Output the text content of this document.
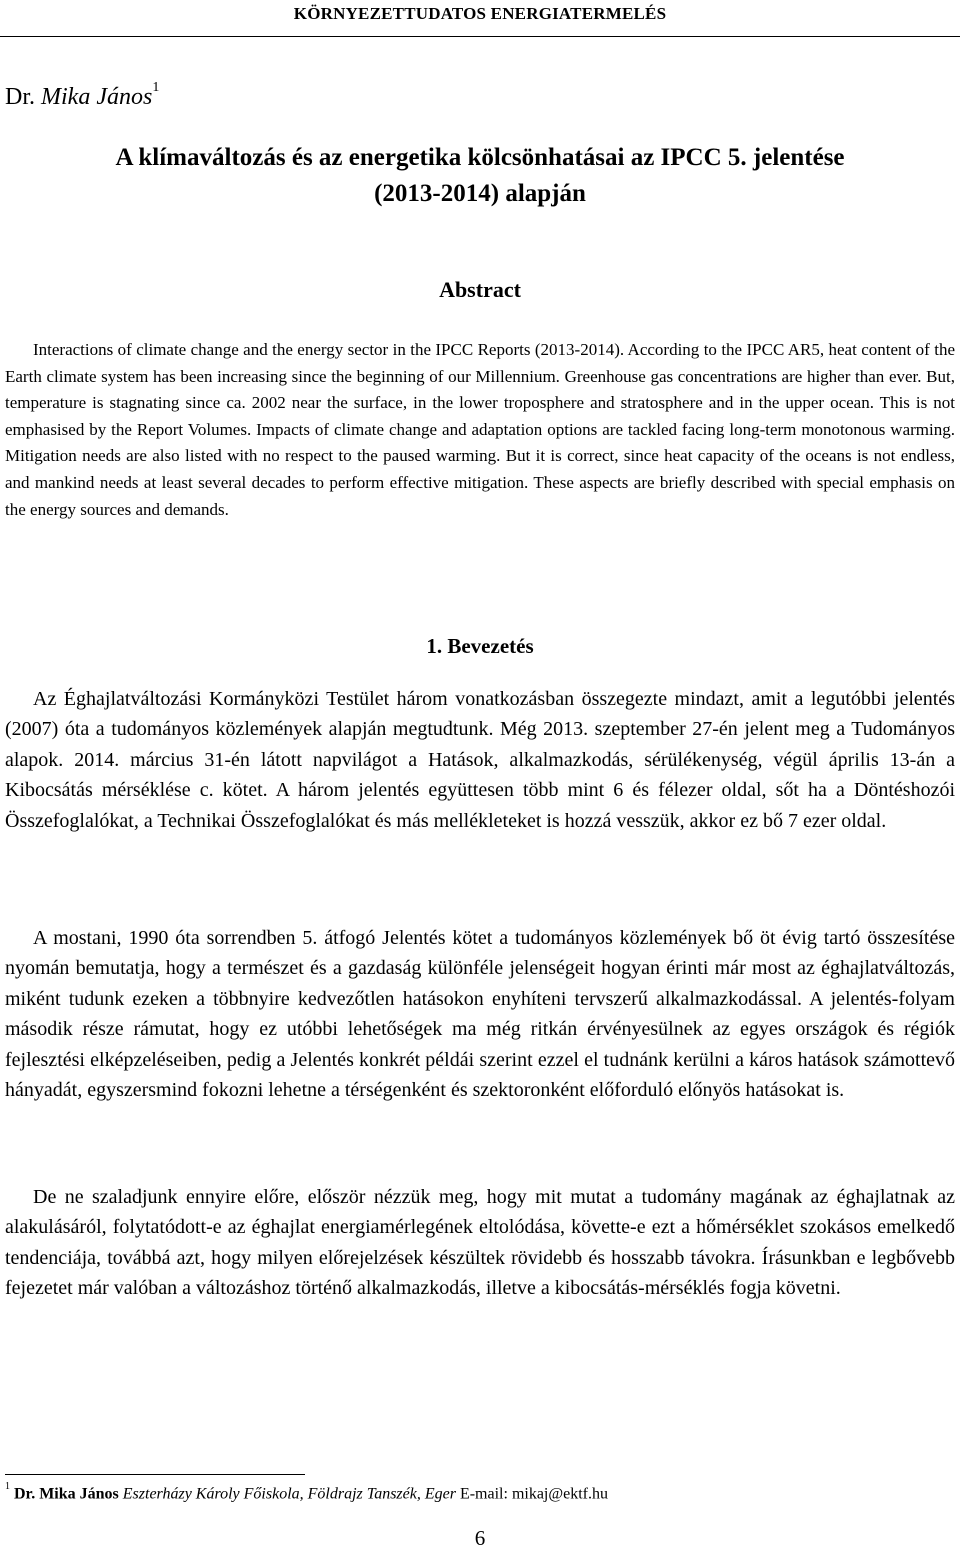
KÖRNYEZETTUDATOS ENERGIATERMELÉS
Dr. Mika János$^1$
A klímaváltozás és az energetika kölcsönhatásai az IPCC 5. jelentése
(2013-2014) alapján
Abstract
Interactions of climate change and the energy sector in the IPCC Reports (2013-2014). According to the IPCC AR5, heat content of the Earth climate system has been increasing since the beginning of our Millennium. Greenhouse gas concentrations are higher than ever. But, temperature is stagnating since ca. 2002 near the surface, in the lower troposphere and stratosphere and in the upper ocean. This is not emphasised by the Report Volumes. Impacts of climate change and adaptation options are tackled facing long-term monotonous warming. Mitigation needs are also listed with no respect to the paused warming. But it is correct, since heat capacity of the oceans is not endless, and mankind needs at least several decades to perform effective mitigation. These aspects are briefly described with special emphasis on the energy sources and demands.
1. Bevezetés
Az Éghajlatváltozási Kormányközi Testület három vonatkozásban összegezte mindazt, amit a legutóbbi jelentés (2007) óta a tudományos közlemények alapján megtudtunk. Még 2013. szeptember 27-én jelent meg a Tudományos alapok. 2014. március 31-én látott napvilágot a Hatások, alkalmazkodás, sérülékenység, végül április 13-án a Kibocsátás mérséklése c. kötet. A három jelentés együttesen több mint 6 és félezer oldal, sőt ha a Döntéshozói Összefoglalókat, a Technikai Összefoglalókat és más mellékleteket is hozzá vesszük, akkor ez bő 7 ezer oldal.
A mostani, 1990 óta sorrendben 5. átfogó Jelentés kötet a tudományos közlemények bő öt évig tartó összesítése nyomán bemutatja, hogy a természet és a gazdaság különféle jelenségeit hogyan érinti már most az éghajlatváltozás, miként tudunk ezeken a többnyire kedvezőtlen hatásokon enyhíteni tervszerű alkalmazkodással. A jelentés-folyam második része rámutat, hogy ez utóbbi lehetőségek ma még ritkán érvényesülnek az egyes országok és régiók fejlesztési elképzeléseiben, pedig a Jelentés konkrét példái szerint ezzel el tudnánk kerülni a káros hatások számottevő hányadát, egyszersmind fokozni lehetne a térségenként és szektoronként előforduló előnyös hatásokat is.
De ne szaladjunk ennyire előre, először nézzük meg, hogy mit mutat a tudomány magának az éghajlatnak az alakulásáról, folytatódott-e az éghajlat energiamérlegének eltolódása, követte-e ezt a hőmérséklet szokásos emelkedő tendenciája, továbbá azt, hogy milyen előrejelzések készültek rövidebb és hosszabb távokra. Írásunkban e legbővebb fejezetet már valóban a változáshoz történő alkalmazkodás, illetve a kibocsátás-mérséklés fogja követni.
$^1$ Dr. Mika János Eszterházy Károly Főiskola, Földrajz Tanszék, Eger E-mail: mikaj@ektf.hu
6
